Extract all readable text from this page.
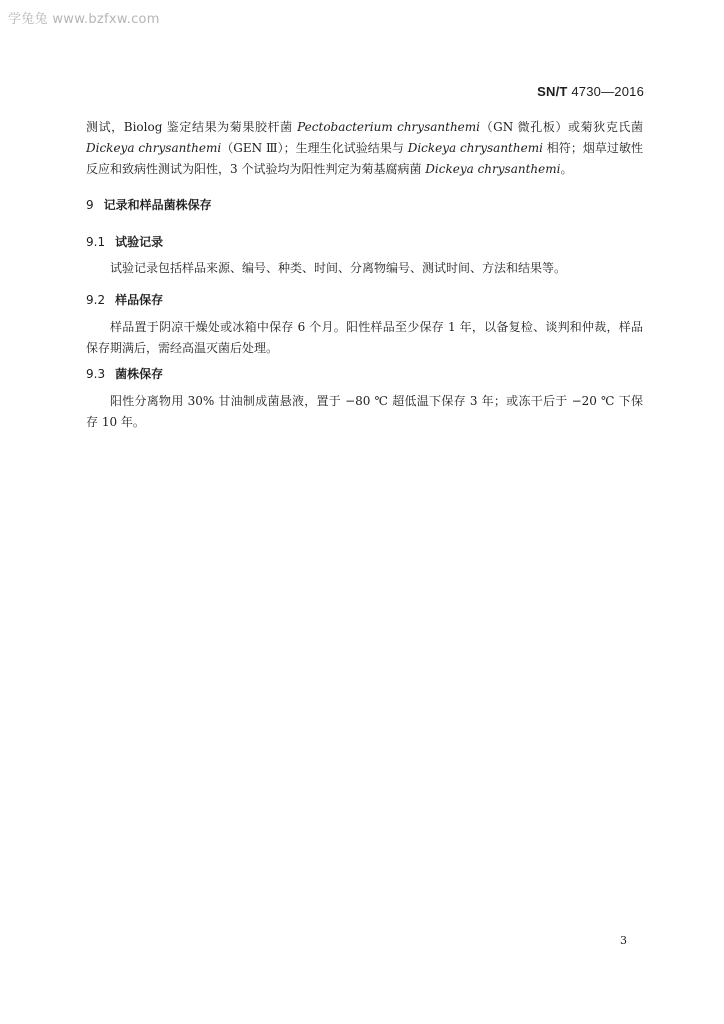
学兔兔 www.bzfxw.com
SN/T 4730—2016

测试，Biolog 鉴定结果为菊果胶杆菌 Pectobacterium chrysanthemi（GN 微孔板）或菊狄克氏菌 Dickeya chrysanthemi（GEN Ⅲ）；生理生化试验结果与 Dickeya chrysanthemi 相符；烟草过敏性反应和致病性测试为阳性，3 个试验均为阳性判定为菊基腐病菌 Dickeya chrysanthemi。

9 记录和样品菌株保存
9.1 试验记录

试验记录包括样品来源、编号、种类、时间、分离物编号、测试时间、方法和结果等。

9.2 样品保存

样品置于阴凉干燥处或冰箱中保存 6 个月。阳性样品至少保存 1 年，以备复检、谈判和仲裁，样品保存期满后，需经高温灭菌后处理。

9.3 菌株保存

阳性分离物用 30% 甘油制成菌悬液，置于 −80 ℃ 超低温下保存 3 年；或冻干后于 −20 ℃ 下保存 10 年。

3
